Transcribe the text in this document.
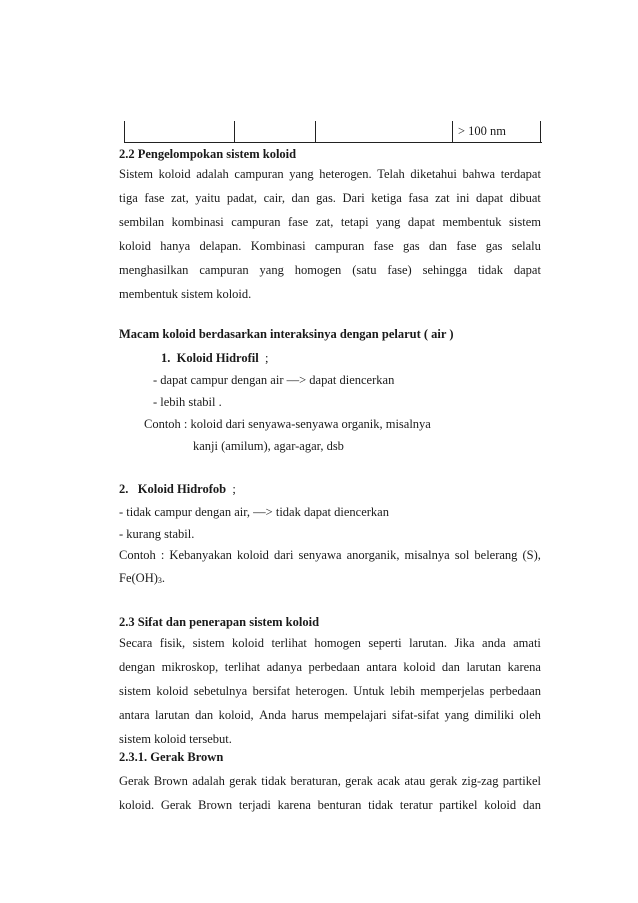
> 100 nm
2.2 Pengelompokan sistem koloid
Sistem koloid adalah campuran yang heterogen. Telah diketahui bahwa terdapat
tiga fase zat, yaitu padat, cair, dan gas. Dari ketiga fasa zat ini dapat dibuat
sembilan kombinasi campuran fase zat, tetapi yang dapat membentuk sistem
koloid hanya delapan. Kombinasi campuran fase gas dan fase gas selalu
menghasilkan campuran yang homogen (satu fase) sehingga tidak dapat
membentuk sistem koloid.
Macam koloid berdasarkan interaksinya dengan pelarut ( air )
1. Koloid Hidrofil ;
- dapat campur dengan air ––> dapat diencerkan
- lebih stabil .
Contoh : koloid dari senyawa-senyawa organik, misalnya
kanji (amilum), agar-agar, dsb
2. Koloid Hidrofob ;
- tidak campur dengan air, ––> tidak dapat diencerkan
- kurang stabil.
Contoh : Kebanyakan koloid dari senyawa anorganik, misalnya sol belerang (S),
$Fe(OH)_3$.
2.3 Sifat dan penerapan sistem koloid
Secara fisik, sistem koloid terlihat homogen seperti larutan. Jika anda amati
dengan mikroskop, terlihat adanya perbedaan antara koloid dan larutan karena
sistem koloid sebetulnya bersifat heterogen. Untuk lebih memperjelas perbedaan
antara larutan dan koloid, Anda harus mempelajari sifat-sifat yang dimiliki oleh
sistem koloid tersebut.
2.3.1. Gerak Brown
Gerak Brown adalah gerak tidak beraturan, gerak acak atau gerak zig-zag partikel
koloid. Gerak Brown terjadi karena benturan tidak teratur partikel koloid dan
